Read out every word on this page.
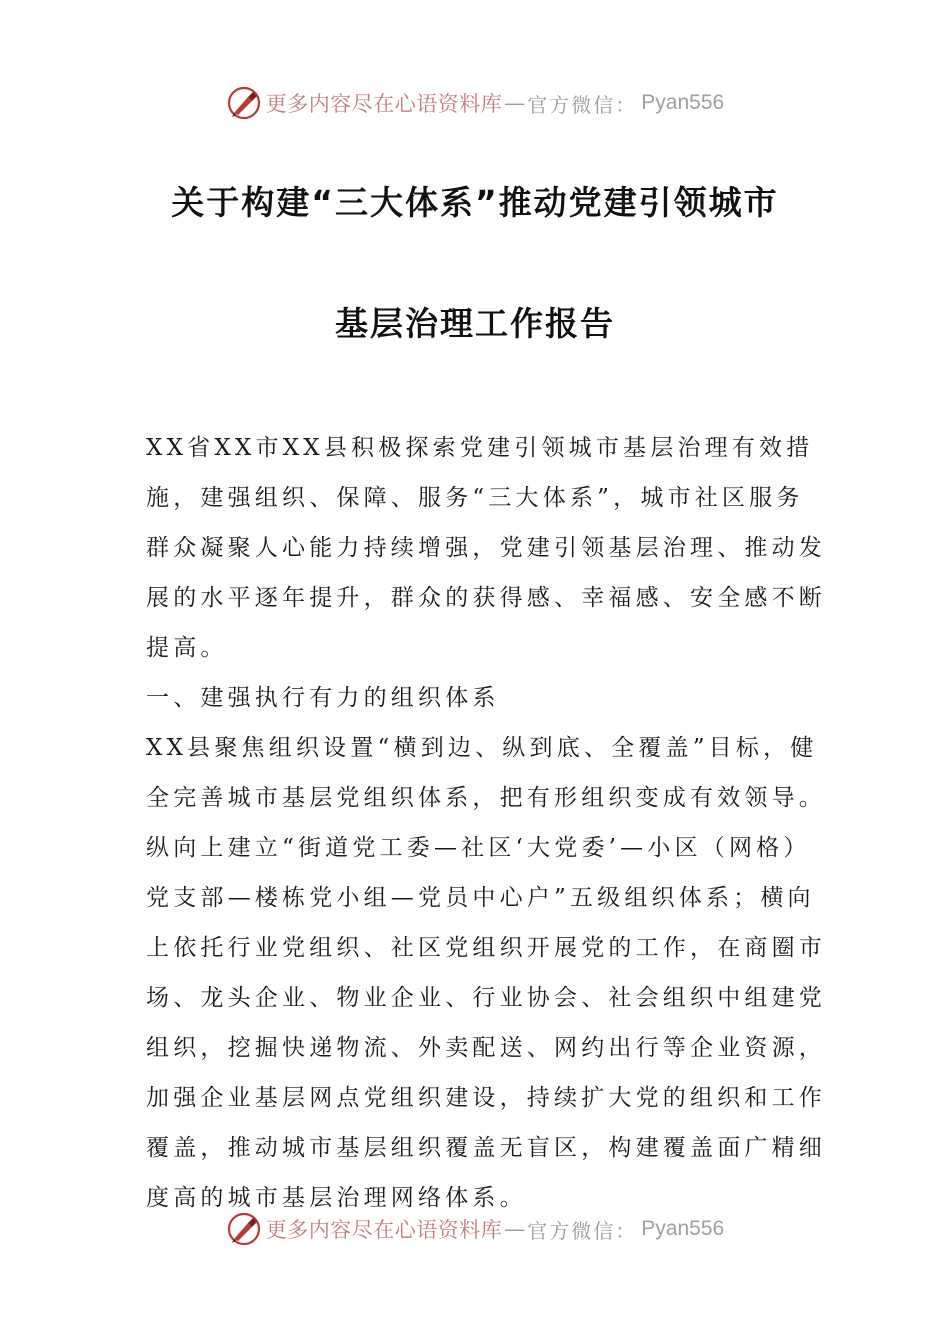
更多内容尽在心语资料库 — 官方微信： Pyan556
关于构建“三大体系”推动党建引领城市
基层治理工作报告

XX省XX市XX县积极探索党建引领城市基层治理有效措施，建强组织、保障、服务“三大体系”，城市社区服务群众凝聚人心能力持续增强，党建引领基层治理、推动发展的水平逐年提升，群众的获得感、幸福感、安全感不断提高。

一、建强执行有力的组织体系

XX县聚焦组织设置“横到边、纵到底、全覆盖”目标，健全完善城市基层党组织体系，把有形组织变成有效领导。纵向上建立“街道党工委—社区‘大党委’—小区（网格）党支部—楼栋党小组—党员中心户”五级组织体系；横向上依托行业党组织、社区党组织开展党的工作，在商圈市场、龙头企业、物业企业、行业协会、社会组织中组建党组织，挖掘快递物流、外卖配送、网约出行等企业资源，加强企业基层网点党组织建设，持续扩大党的组织和工作覆盖，推动城市基层组织覆盖无盲区，构建覆盖面广精细度高的城市基层治理网络体系。

更多内容尽在心语资料库 — 官方微信： Pyan556
